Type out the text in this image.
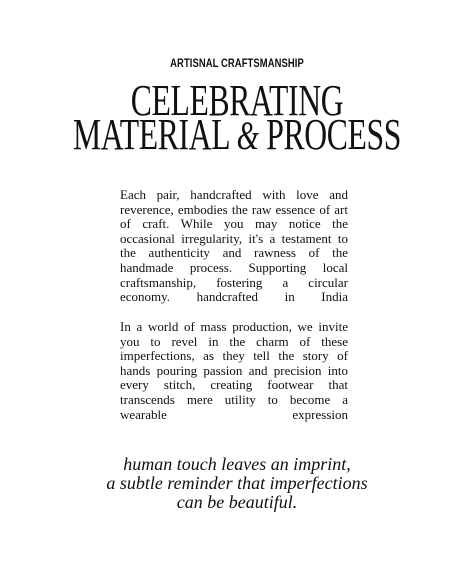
ARTISNAL CRAFTSMANSHIP
CELEBRATING
MATERIAL & PROCESS

Each pair, handcrafted with love and reverence, embodies the raw essence of art of craft. While you may notice the occasional irregularity, it's a testament to the authenticity and rawness of the handmade process. Supporting local craftsmanship, fostering a circular economy. handcrafted in India

In a world of mass production, we invite you to revel in the charm of these imperfections, as they tell the story of hands pouring passion and precision into every stitch, creating footwear that transcends mere utility to become a wearable expression

human touch leaves an imprint,
a subtle reminder that imperfections
can be beautiful.
